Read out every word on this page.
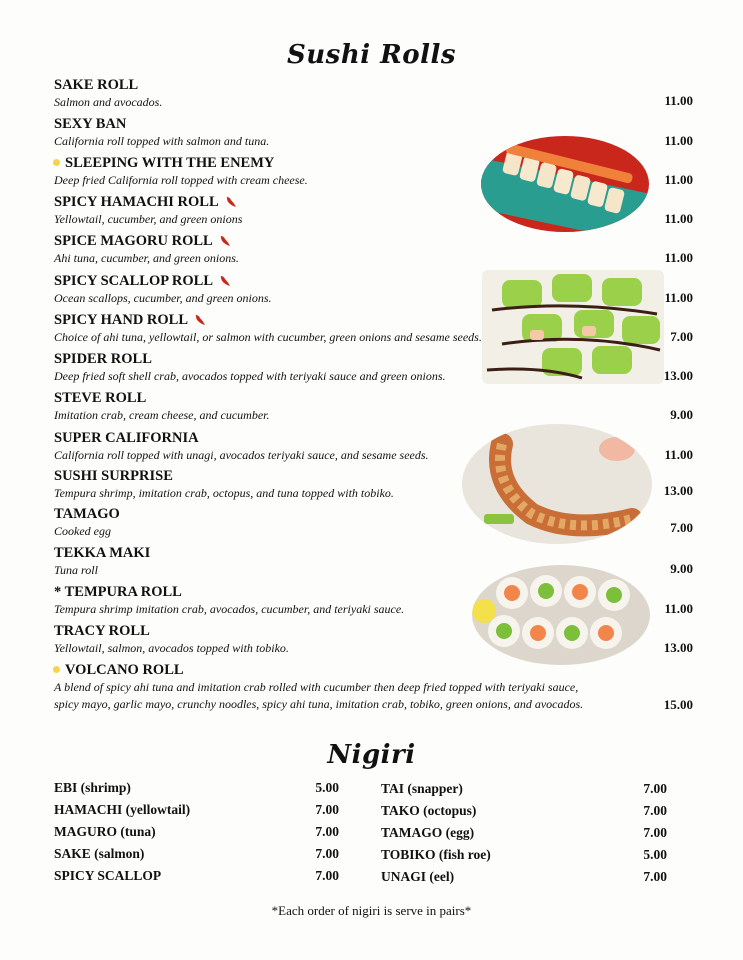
Sushi Rolls
SAKE ROLL
Salmon and avocados.	11.00
SEXY BAN
California roll topped with salmon and tuna.	11.00
SLEEPING WITH THE ENEMY
Deep fried California roll topped with cream cheese.	11.00
SPICY HAMACHI ROLL
Yellowtail, cucumber, and green onions	11.00
SPICE MAGORU ROLL
Ahi tuna, cucumber, and green onions.	11.00
SPICY SCALLOP ROLL
Ocean scallops, cucumber, and green onions.	11.00
SPICY HAND ROLL
Choice of ahi tuna, yellowtail, or salmon with cucumber, green onions and sesame seeds.	7.00
SPIDER ROLL
Deep fried soft shell crab, avocados topped with teriyaki sauce and green onions.	13.00
STEVE ROLL
Imitation crab, cream cheese, and cucumber.	9.00
SUPER CALIFORNIA
California roll topped with unagi, avocados teriyaki sauce, and sesame seeds.	11.00
SUSHI SURPRISE
Tempura shrimp, imitation crab, octopus, and tuna topped with tobiko.	13.00
TAMAGO
Cooked egg	7.00
TEKKA MAKI
Tuna roll	9.00
* TEMPURA ROLL
Tempura shrimp imitation crab, avocados, cucumber, and teriyaki sauce.	11.00
TRACY ROLL
Yellowtail, salmon, avocados topped with tobiko.	13.00
VOLCANO ROLL
A blend of spicy ahi tuna and imitation crab rolled with cucumber then deep fried topped with teriyaki sauce,
spicy mayo, garlic mayo, crunchy noodles, spicy ahi tuna, imitation crab, tobiko, green onions, and avocados.	15.00
Nigiri
EBI (shrimp)	5.00
HAMACHI (yellowtail)	7.00
MAGURO (tuna)	7.00
SAKE (salmon)	7.00
SPICY SCALLOP	7.00
TAI (snapper)	7.00
TAKO (octopus)	7.00
TAMAGO (egg)	7.00
TOBIKO (fish roe)	5.00
UNAGI (eel)	7.00
*Each order of nigiri is serve in pairs*
